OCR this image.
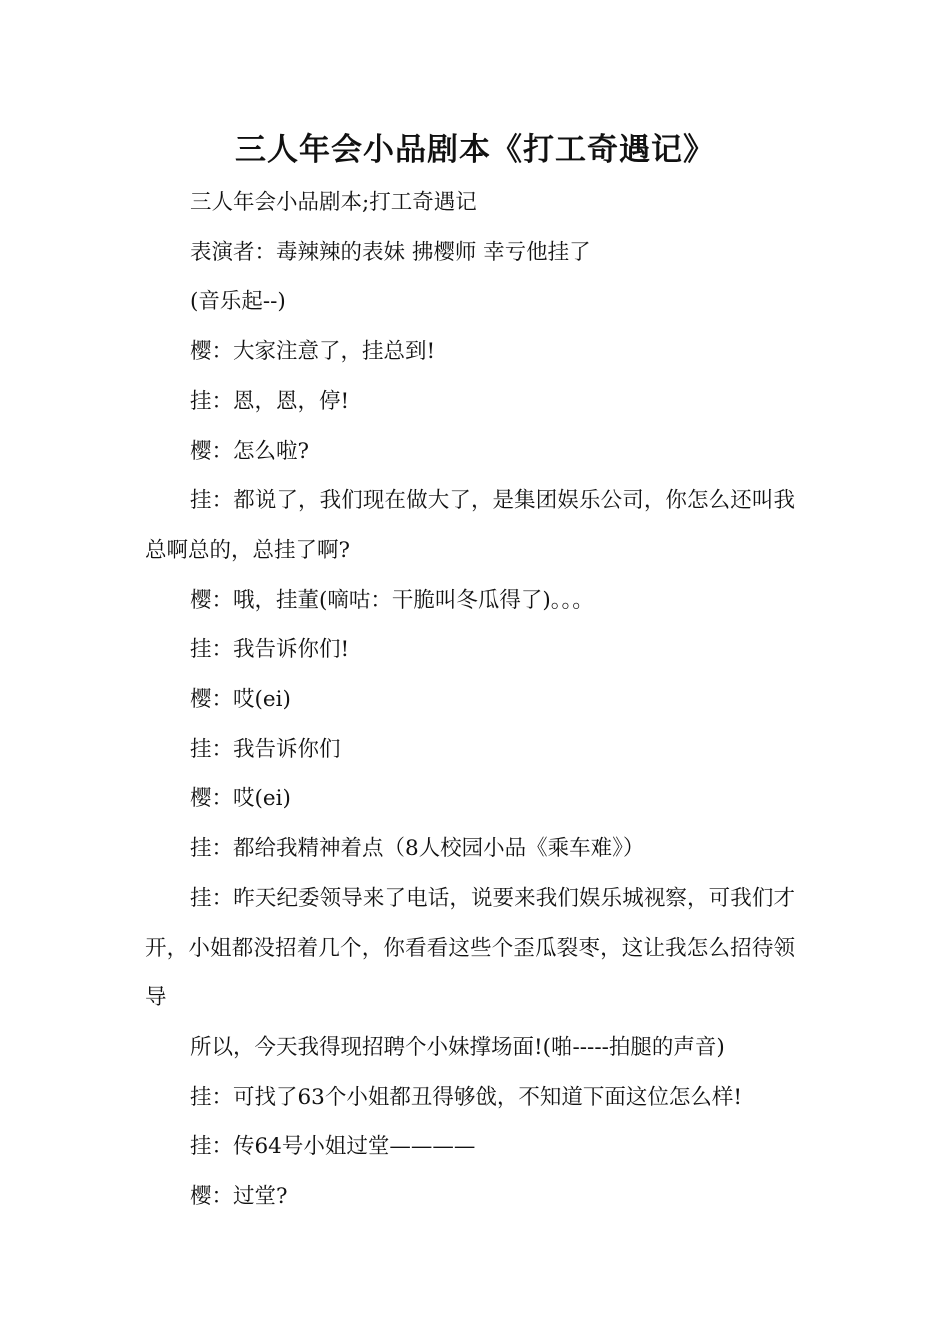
三人年会小品剧本《打工奇遇记》

三人年会小品剧本;打工奇遇记

表演者：毒辣辣的表妹 拂樱师 幸亏他挂了

(音乐起--)

樱：大家注意了，挂总到!

挂：恩，恩，停!

樱：怎么啦?

挂：都说了，我们现在做大了，是集团娱乐公司，你怎么还叫我总啊总的，总挂了啊?

樱：哦，挂董(嘀咕：干脆叫冬瓜得了)。。。

挂：我告诉你们!

樱：哎(ei)

挂：我告诉你们

樱：哎(ei)

挂：都给我精神着点（8人校园小品《乘车难》）

挂：昨天纪委领导来了电话，说要来我们娱乐城视察，可我们才开，小姐都没招着几个，你看看这些个歪瓜裂枣，这让我怎么招待领导

所以，今天我得现招聘个小妹撑场面!(啪-----拍腿的声音)

挂：可找了63个小姐都丑得够戗，不知道下面这位怎么样!

挂：传64号小姐过堂————

樱：过堂?
